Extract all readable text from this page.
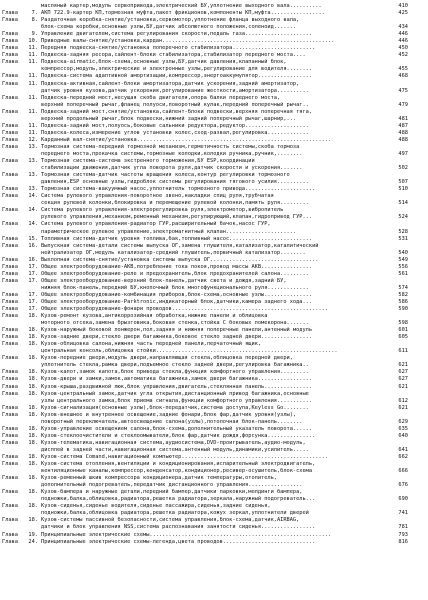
масляный картер,модуль сервопривода,электрический БУ,уплотнение выходного вала..........	410
Глава	7. АКП 722.9-картер КП,тормозная муфта,пакет фрикционов,компоненты КП,муфта.................	425
Глава	8. Раздаточная коробка-снятие/установка,сервомотор,уплотнение фланца выходного вала,
блок-схема коробки,основные узлы,БУ,датчик абсолютного положения,соленоид.......	434
Глава	9. Управление двигателем,система регулирования скорости,педаль газа.....................	446
Глава	10. Приводные валы-снятие/установка,кардан......................................................	446
Глава	11. Передняя подвеска-снятие/установка поперечного стабилизатора..........................	450
Глава	11. Подвеска-задняя ресора,сайлент-блоки стабилизатора,стабилизатор переднего моста....	452
Глава	11. Подвеска-airmatic,блок-схема,основные узлы,БУ,датчик давления,клапанный блок,
компрессор,модуль,электрические и электронные узлы,регулирование для водителя........	455
Глава	11. Подвеска-система адаптивной амортизации,компрессор,энергоаккумулятор.................	468
Глава	11. Подвеска-активная,сайлент-блоки амортизатора,датчик ускорения,задний амортизатор,
датчик уровня кузова,датчик ускорения,регулирование жесткости,амортизатора..........	475
Глава	11. Подвеска-передний мост,несущая скоба двигателя,опора балки переднего моста,
верхний поперечный рычаг,фланец полуоси,поворотный кулак,передний поперечный рычаг..	479
Глава	11. Подвеска-задний мост,снятие/установка,сайлент-блоки подвески,верхняя поперечная тяга,
верхний продольный рычаг,блок подвески,нижний задний поперечный рычаг,шарнир,...	481
Глава	11. Подвеска-задний мост,полуось,боковые сальники редуктора,редуктор....................	487
Глава	11. Подвеска-колеса,измерение углов установки колес,сход-развал,регулировка.............	488
Глава	12. Карданный вал-снятие/установка.............................................................	488
Глава	13. Тормозная система-передний тормозной механизм,герметичность системы,скоба тормоза
переднего моста,прокачка системы,тормозные колодки,колодки ручника,ручник,........	497
Глава	13. Тормозная система-система экстренного торможения,БУ ESP,координации
стабилизации движения,датчик угла поворота руля,датчик скорости и ускорения.......	502
Глава	13. Тормозная система-датчик частоты вращения колеса,контур регулировки тормозного
давления,ESP основные узлы,гидроблок системы регулирования тягового усилия..........	507
Глава	13. Тормозная система-вакуумный насос,уплотнитель тормозного привода......................	510
Глава	14. Система рулевого управления-поворотное звено,накладки спиц руля,трубчатая
секция рулевой колонки,блокировка и перемещение рулевой колонки,память руля.........	514
Глава	14. Система рулевого управления-электрорегулировка руля,электромотор,вибропитель
рулевого управления,механизм,ременный механизм,регулирующий,клапан,гидропривод ГУР...	524
Глава	14. Система рулевого управления-радиатор ГУР,расширительный бачок,насос ГУР,
параметрическое рулевое управление,электромагнитный клапан......................	528
Глава	15. Топливная система-датчик уровня топлива,бак,топливный насос..........................	531
Глава	16. Выпускная система-детали системы выпуска ОГ,замена глушителя,катализатор,каталитический
нейтрализатор ОГ,модуль катализатор-средний глушитель,первичный катализатор........	540
Глава	16. Выхлопная система-снятие/установка системы выпуска ОГ..................................	549
Глава	17. Общее электрооборудование-AKB,потребление тока покоя,провод массы AKB................	556
Глава	17. Общее электрооборудование-реле и предохранитель,блок предохранителей салона.........	561
Глава	17. Общее электрооборудование-верхний блок-панель,датчик света и дождя,задний БУ,
нижняя блок-панель,передний БУ,кнопочный блок многофункционального руля.............	574
Глава	17. Общее электрооборудование-комбинация приборов,блок-схема,основные узлы...............	582
Глава	17. Общее электрооборудование-Parktronic,индикаторный блок,датчики,камера заднего хода...	586
Глава	17. Общее электрооборудование-фонари проводов.................................................	590
Глава	18. Кузов-ремонт кузова,антикоррозийная обработка,нижние панели и облицовка
моторного отсека,замена брызговика,боковая стенка,стойка С боковых ломекорона.......	598
Глава	18. Кузов-наружный боковой лонжерон,пол,задняя и нижняя поперечные панели,антенный модуль	601
Глава	18. Кузов-задние двери,стекло двери багажника,боковое стекло задней двери................	605
Глава	18. Кузов-облицовка салона,нижняя часть передней панели,перчаточный ящик,
центральная консоль,облицовка стойки.........................................................	611
Глава	18. Кузов-передние двери,модуль двери,направляющая стекла,облицовка передней двери,
уплотнитель стекла,рамка двери,подъемное стекло задней двери,регулировка багажника..	621
Глава	18. Кузов-капот,замок капота,блок привода стекла,функция комфортного управления.........	627
Глава	18. Кузов-двери и замки,замок,автоматика багажника,замок двери багажника.................	627
Глава	18. Кузов-крыша,раздвижной люк,блок управления,двигатель,стеклянная панель...............	621
Глава	18. Кузов-центральный замок,датчик угла открытия,дистанционный привод багажника,основные
узлы центрального замка,блок приема сигнала,функции комфортного управления...........	612
Глава	18. Кузов-сигнализация(основные узлы),блок-передатчик,система доступа,Keyless Go........	621
Глава	18. Кузов-внешнее и внутреннее освещение,задние фонари,блок фар,датчик уровня(узлы),
поворотный переключатель,автоосвещение салона(узлы),потолочная блок-панель........	629
Глава	18. Кузов-управление освещением салона,блок-схема,дополнительный указатель поворота......	635
Глава	18. Кузов-стеклоочистители и стеклоомыватели,блок фар,датчик дождя,форсунка...............	640
Глава	18. Кузов-телематика,навигационная система,аудиосистема,DVD-проигрыватель,аудио-модуль,
дисплей в задней части,навигационная система,антенный модуль,динамики,усилитель.....	641
Глава	18. Кузов-система Comand,навигационный компьютер..............................................	662
Глава	18. Кузов-система отопления,вентиляции и кондиционирования,испарительный электродвигатель,
вентиляционные каналы,компрессор,конденсатор,кондиционер,ресивер-осушитель,блок-схема	666
Глава	18. Кузов-ременный шкив компрессора кондиционера,датчик температуры,отопитель,
дополнительный подогреватель,передатчик дистанционного управления.................	676
Глава	18. Кузов-бампера и наружные детали,передний бампер,датчики парковки,молдинги бампера,
подножки,балка,облицовка,радиатора,решетка радиатора,зеркала,наружный подогреватель...	690
Глава	18. Кузов-сиденья,сиденье водителя,сиденье пассажира,сиденья,задние сиденья,
подножки,балка,облицовка радиатора,решетка радиатора,кожух зеркал,уплотнители дверей	741
Глава	18. Кузов-системы пассивной безопасности,система управления,блок-схема,датчик,AIRBAG,
датчики и блок управления NSS,система распознавания занятости сиденья.................	781
Глава	19. Принципиальные электрические схемы.........................................................	793
Глава	24. Принципиальные электрические схемы-легенда,цвета проводов.............................	816
